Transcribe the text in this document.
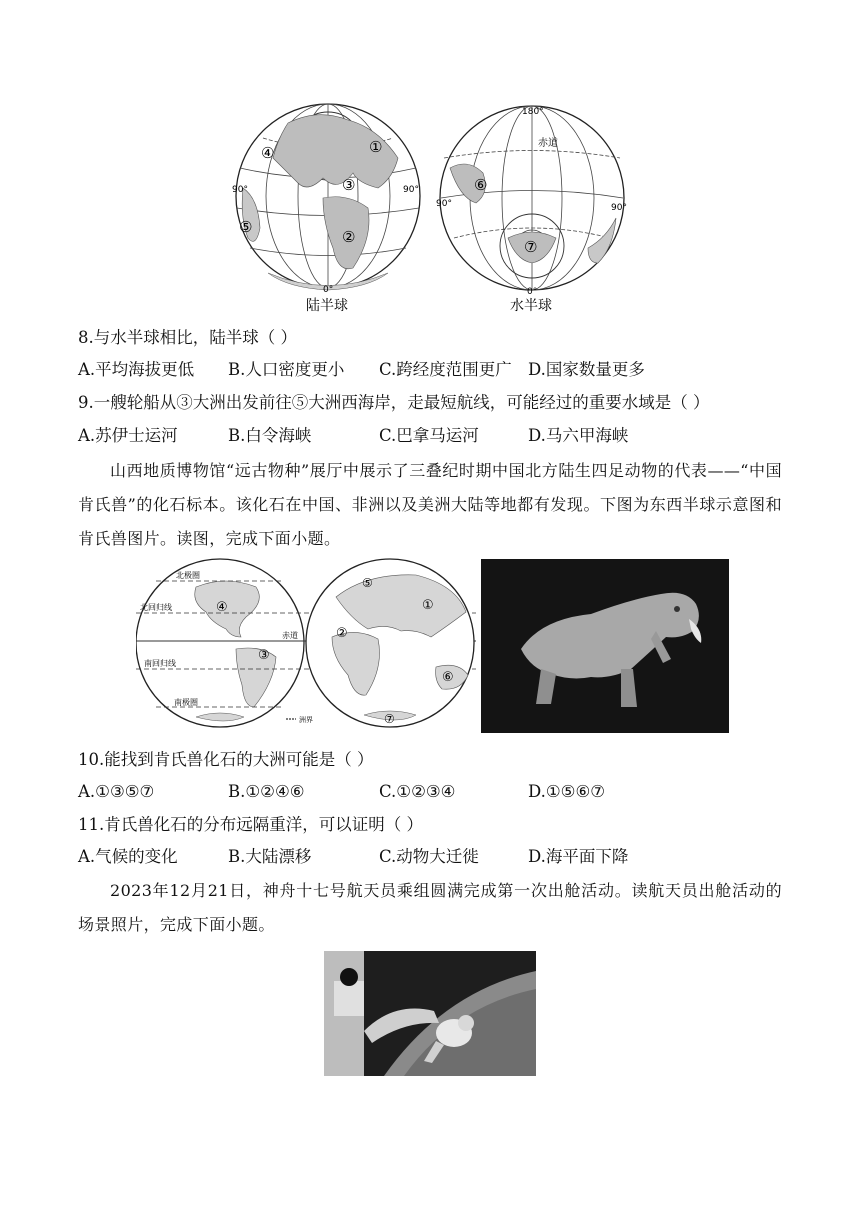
④	①
③
⑤
②
90°	90°
0°
陆半球
180°
赤道
⑥
⑦
90°	90°
0°
水半球
8.与水半球相比，陆半球（ ）
A.平均海拔更低 B.人口密度更小 C.跨经度范围更广 D.国家数量更多
9.一艘轮船从③大洲出发前往⑤大洲西海岸，走最短航线，可能经过的重要水域是（ ）
A.苏伊士运河	B.白令海峡	C.巴拿马运河	D.马六甲海峡

山西地质博物馆“远古物种”展厅中展示了三叠纪时期中国北方陆生四足动物的代表——“中国肯氏兽”的化石标本。该化石在中国、非洲以及美洲大陆等地都有发现。下图为东西半球示意图和肯氏兽图片。读图，完成下面小题。

北极圈
北回归线
南回归线
南极圈
④
③
赤道
⑤
①
②
⑥
⑦
洲界
10.能找到肯氏兽化石的大洲可能是（ ）
A.①③⑤⑦	B.①②④⑥	C.①②③④	D.①⑤⑥⑦
11.肯氏兽化石的分布远隔重洋，可以证明（ ）
A.气候的变化	B.大陆漂移	C.动物大迁徙	D.海平面下降

2023年12月21日，神舟十七号航天员乘组圆满完成第一次出舱活动。读航天员出舱活动的场景照片，完成下面小题。
